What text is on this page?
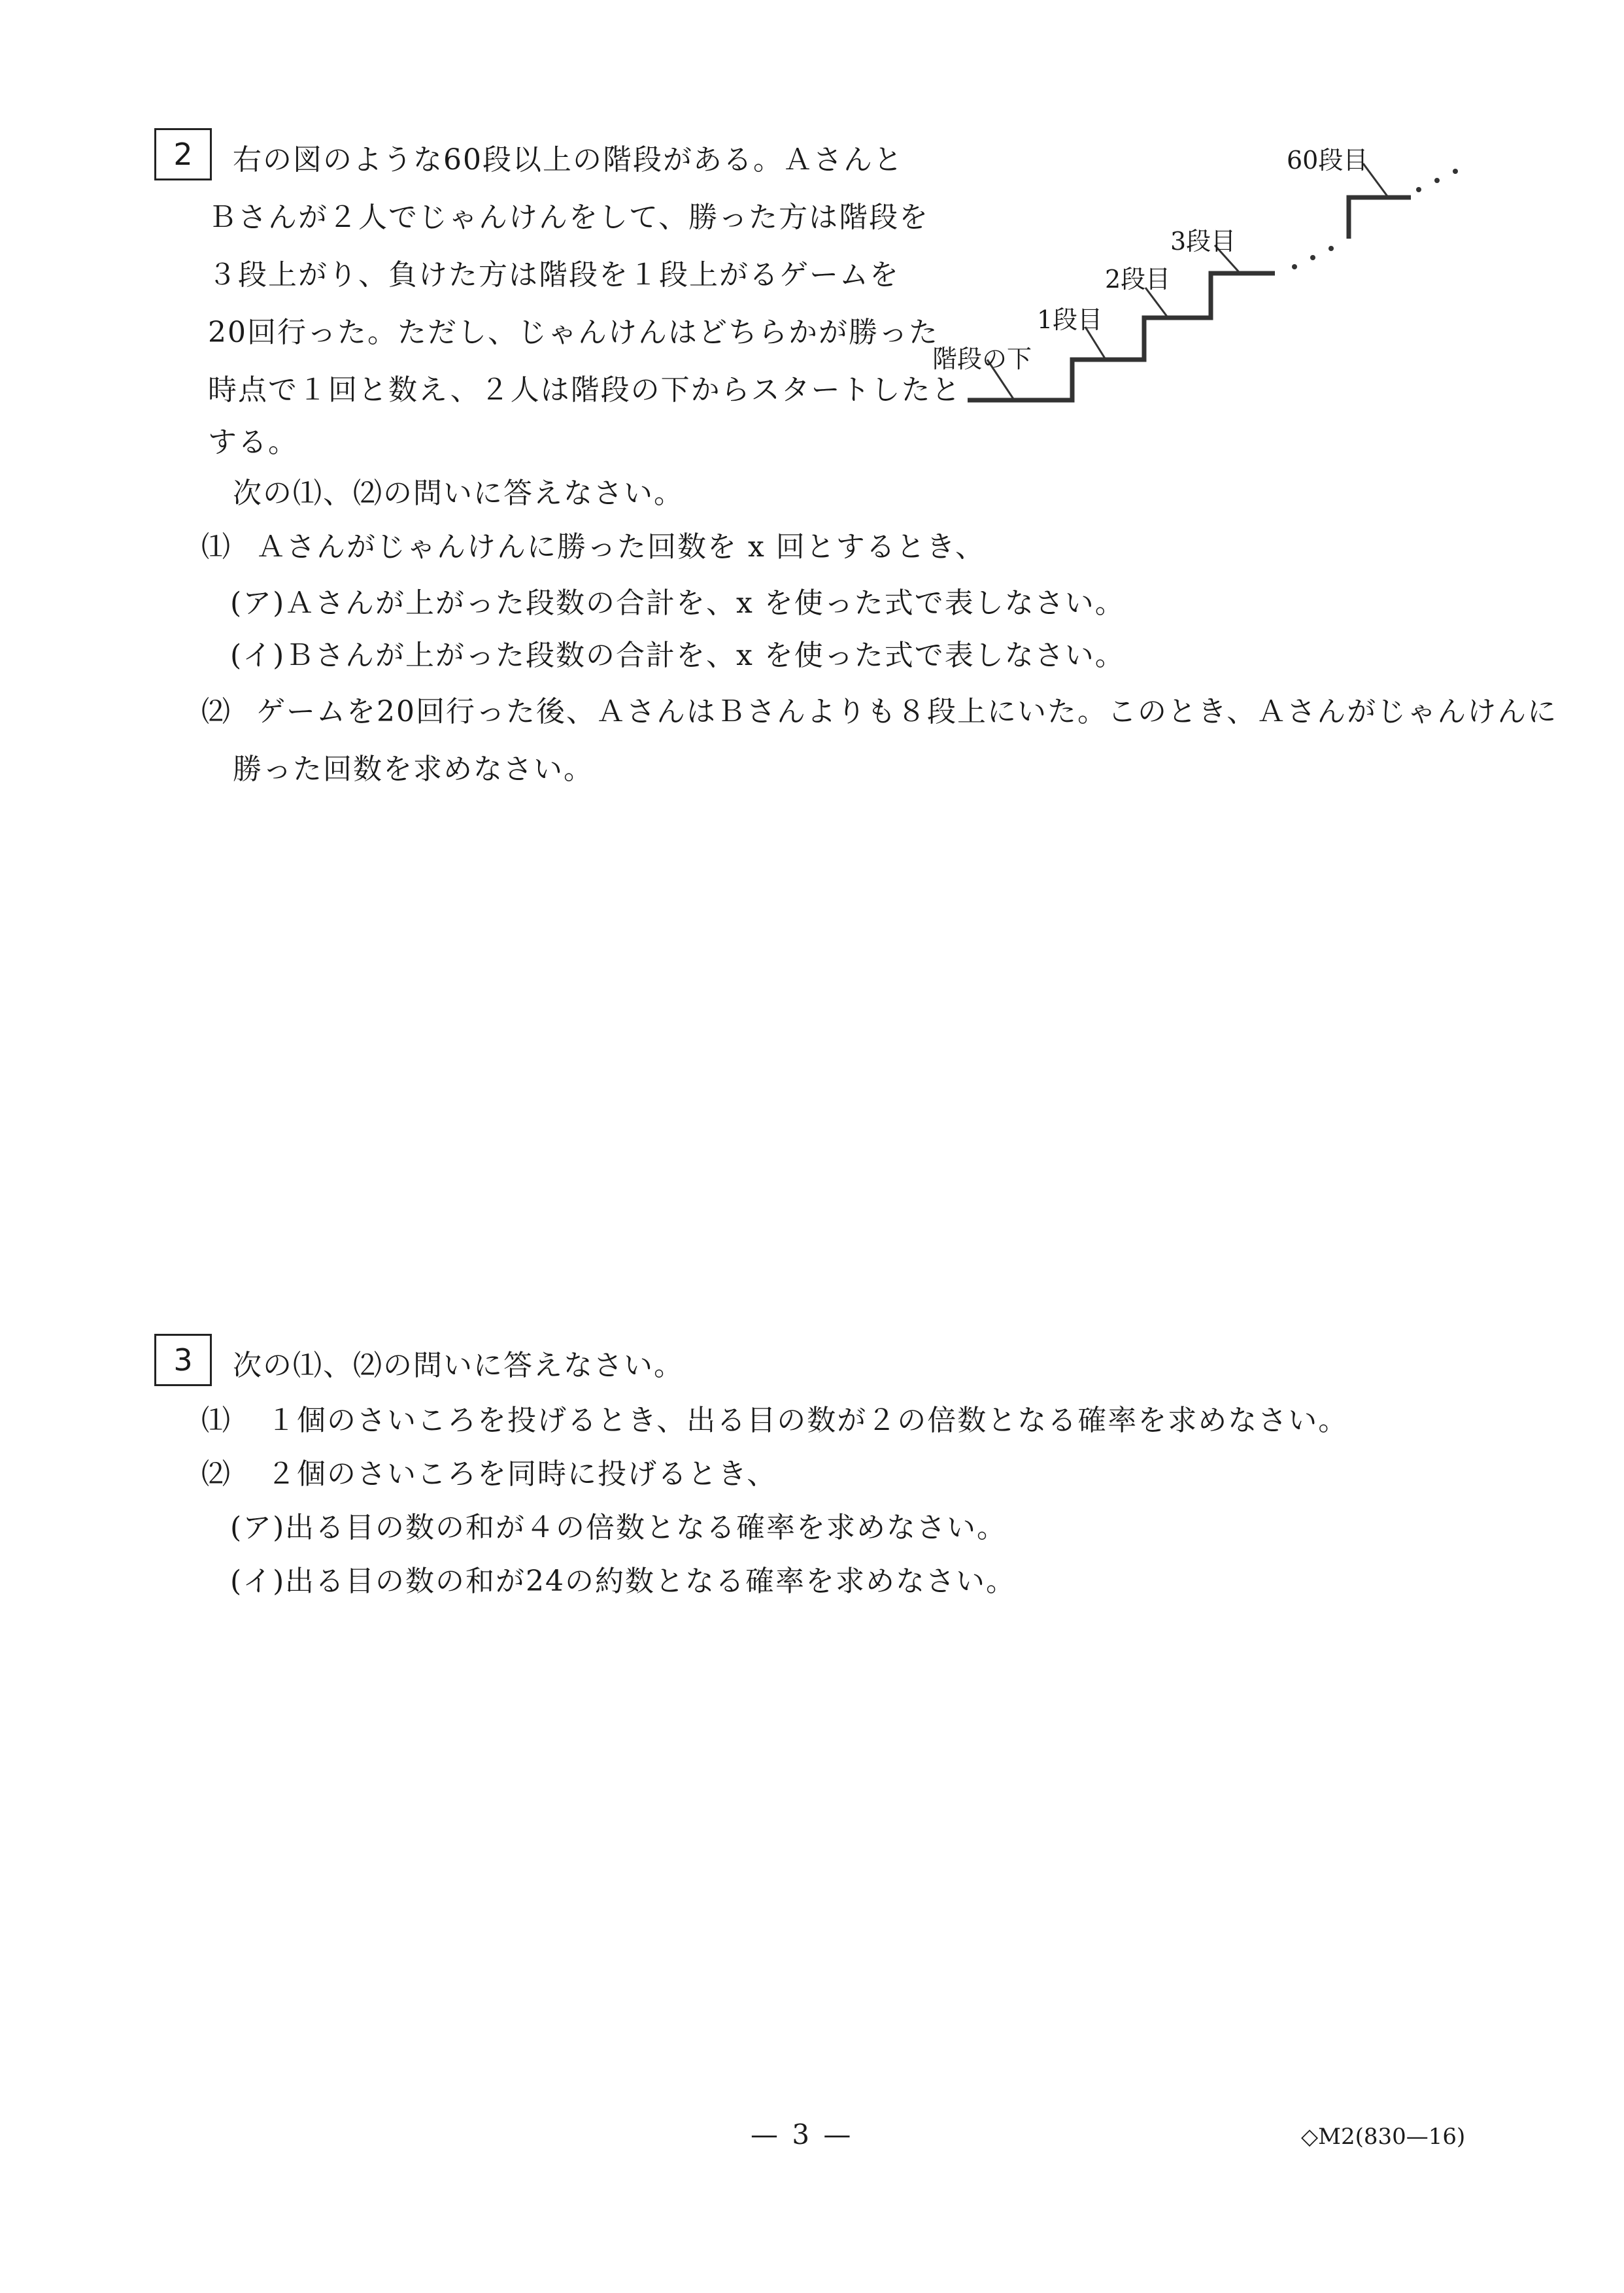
2	右の図のような60段以上の階段がある。Ａさんと
Ｂさんが２人でじゃんけんをして、勝った方は階段を
３段上がり、負けた方は階段を１段上がるゲームを
20回行った。ただし、じゃんけんはどちらかが勝った
時点で１回と数え、２人は階段の下からスタートしたと
する。
次の⑴、⑵の問いに答えなさい。
⑴ Ａさんがじゃんけんに勝った回数を x 回とするとき、
(ア) Ａさんが上がった段数の合計を、x を使った式で表しなさい。
(イ) Ｂさんが上がった段数の合計を、x を使った式で表しなさい。
⑵ ゲームを20回行った後、ＡさんはＢさんよりも８段上にいた。このとき、Ａさんがじゃんけんに
勝った回数を求めなさい。
階段の下
1段目
2段目
3段目
60段目
3	次の⑴、⑵の問いに答えなさい。
⑴ １個のさいころを投げるとき、出る目の数が２の倍数となる確率を求めなさい。
⑵ ２個のさいころを同時に投げるとき、
(ア) 出る目の数の和が４の倍数となる確率を求めなさい。
(イ) 出る目の数の和が24の約数となる確率を求めなさい。
— 3 —	◇M2(830—16)
